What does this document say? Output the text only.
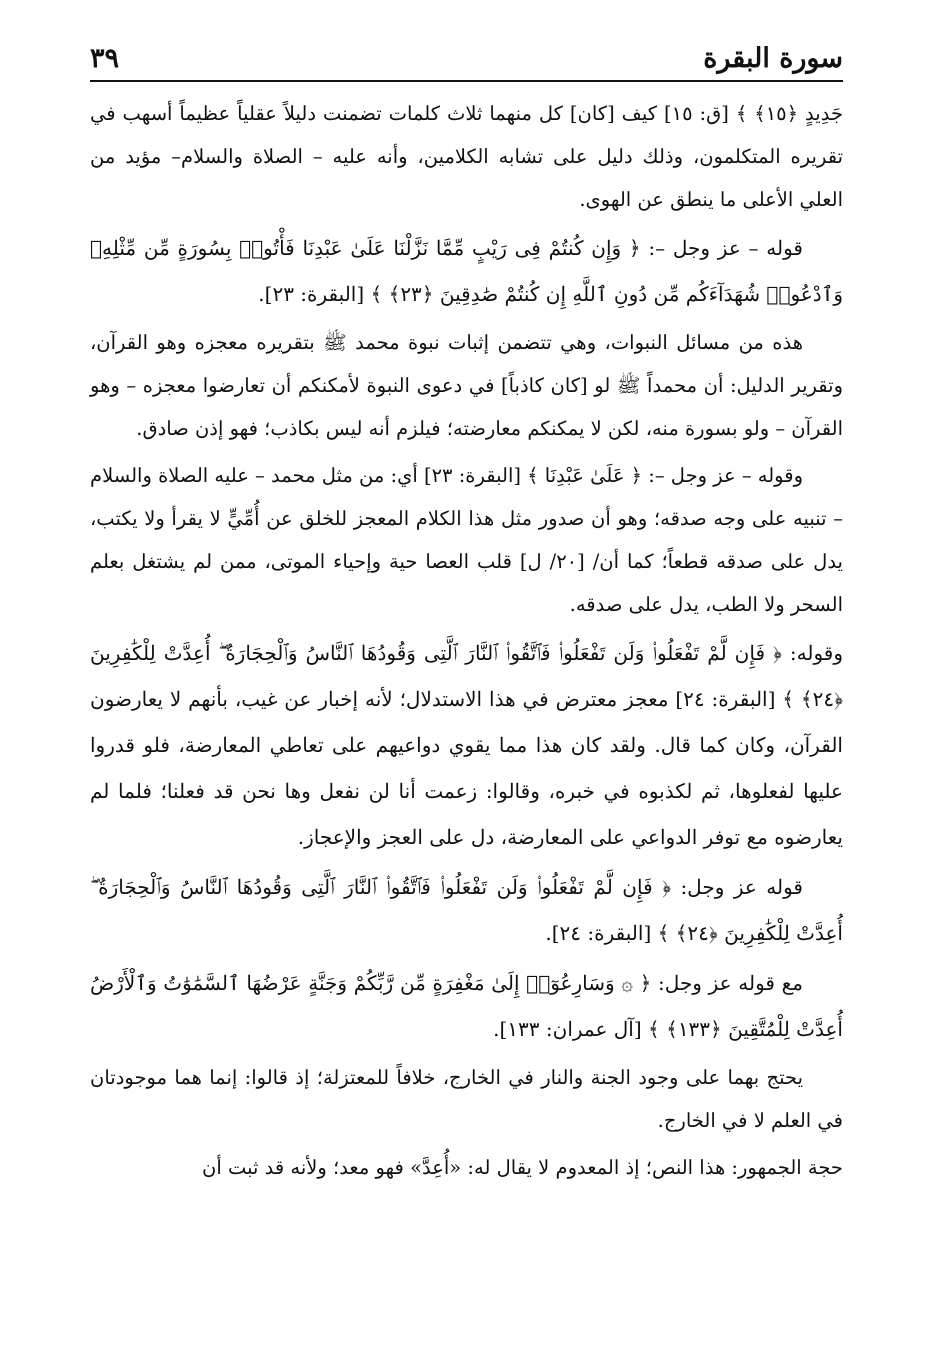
سورة البقرة
٣٩

جَدِيدٍ ﴿١٥﴾ ﴾ [ق: ١٥] كيف [كان] كل منهما ثلاث كلمات تضمنت دليلاً عقلياً عظيماً أسهب في تقريره المتكلمون، وذلك دليل على تشابه الكلامين، وأنه عليه – الصلاة والسلام– مؤيد من العلي الأعلى ما ينطق عن الهوى.

قوله – عز وجل –: ﴿ وَإِن كُنتُمْ فِى رَيْبٍ مِّمَّا نَزَّلْنَا عَلَىٰ عَبْدِنَا فَأْتُوا۟ بِسُورَةٍ مِّن مِّثْلِهِۦ وَٱدْعُوا۟ شُهَدَآءَكُم مِّن دُونِ ٱللَّهِ إِن كُنتُمْ صَٰدِقِينَ ﴿٢٣﴾ ﴾ [البقرة: ٢٣].

هذه من مسائل النبوات، وهي تتضمن إثبات نبوة محمد ﷺ بتقريره معجزه وهو القرآن، وتقرير الدليل: أن محمداً ﷺ لو [كان كاذباً] في دعوى النبوة لأمكنكم أن تعارضوا معجزه – وهو القرآن – ولو بسورة منه، لكن لا يمكنكم معارضته؛ فيلزم أنه ليس بكاذب؛ فهو إذن صادق.

وقوله – عز وجل –: ﴿ عَلَىٰ عَبْدِنَا ﴾ [البقرة: ٢٣] أي: من مثل محمد – عليه الصلاة والسلام – تنبيه على وجه صدقه؛ وهو أن صدور مثل هذا الكلام المعجز للخلق عن أُمِّيٍّ لا يقرأ ولا يكتب، يدل على صدقه قطعاً؛ كما أن/ [٢٠/ ل] قلب العصا حية وإحياء الموتى، ممن لم يشتغل بعلم السحر ولا الطب، يدل على صدقه.

وقوله: ﴿ فَإِن لَّمْ تَفْعَلُوا۟ وَلَن تَفْعَلُوا۟ فَٱتَّقُوا۟ ٱلنَّارَ ٱلَّتِى وَقُودُهَا ٱلنَّاسُ وَٱلْحِجَارَةُ ۖ أُعِدَّتْ لِلْكَٰفِرِينَ ﴿٢٤﴾ ﴾ [البقرة: ٢٤] معجز معترض في هذا الاستدلال؛ لأنه إخبار عن غيب، بأنهم لا يعارضون القرآن، وكان كما قال. ولقد كان هذا مما يقوي دواعيهم على تعاطي المعارضة، فلو قدروا عليها لفعلوها، ثم لكذبوه في خبره، وقالوا: زعمت أنا لن نفعل وها نحن قد فعلنا؛ فلما لم يعارضوه مع توفر الدواعي على المعارضة، دل على العجز والإعجاز.

قوله عز وجل: ﴿ فَإِن لَّمْ تَفْعَلُوا۟ وَلَن تَفْعَلُوا۟ فَٱتَّقُوا۟ ٱلنَّارَ ٱلَّتِى وَقُودُهَا ٱلنَّاسُ وَٱلْحِجَارَةُ ۖ أُعِدَّتْ لِلْكَٰفِرِينَ ﴿٢٤﴾ ﴾ [البقرة: ٢٤].

مع قوله عز وجل: ﴿ ۞ وَسَارِعُوٓا۟ إِلَىٰ مَغْفِرَةٍ مِّن رَّبِّكُمْ وَجَنَّةٍ عَرْضُهَا ٱلسَّمَٰوَٰتُ وَٱلْأَرْضُ أُعِدَّتْ لِلْمُتَّقِينَ ﴿١٣٣﴾ ﴾ [آل عمران: ١٣٣].

يحتج بهما على وجود الجنة والنار في الخارج، خلافاً للمعتزلة؛ إذ قالوا: إنما هما موجودتان في العلم لا في الخارج.

حجة الجمهور: هذا النص؛ إذ المعدوم لا يقال له: «أُعِدَّ» فهو معد؛ ولأنه قد ثبت أن
